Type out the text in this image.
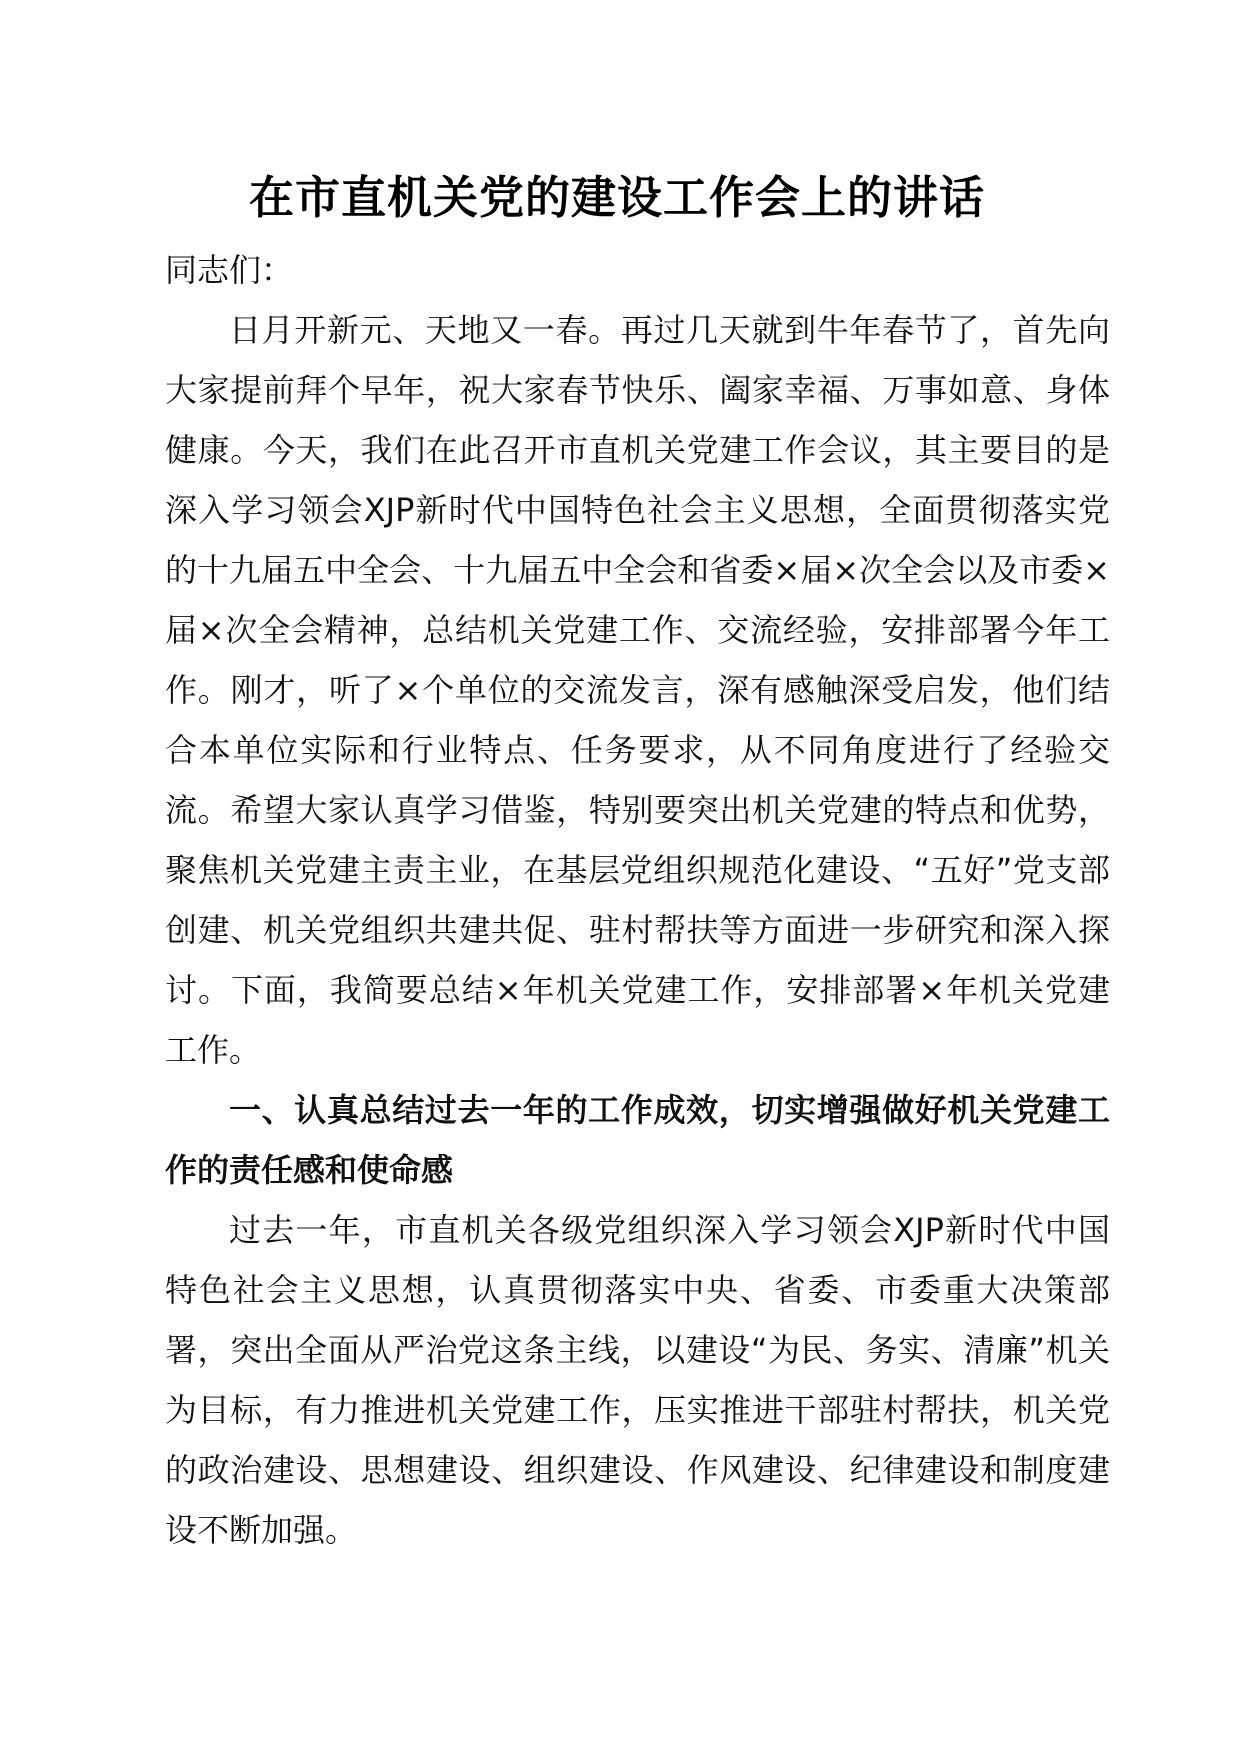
在市直机关党的建设工作会上的讲话

同志们：

日月开新元、天地又一春。再过几天就到牛年春节了，首先向大家提前拜个早年，祝大家春节快乐、阖家幸福、万事如意、身体健康。今天，我们在此召开市直机关党建工作会议，其主要目的是深入学习领会XJP新时代中国特色社会主义思想，全面贯彻落实党的十九届五中全会、十九届五中全会和省委×届×次全会以及市委×届×次全会精神，总结机关党建工作、交流经验，安排部署今年工作。刚才，听了×个单位的交流发言，深有感触深受启发，他们结合本单位实际和行业特点、任务要求，从不同角度进行了经验交流。希望大家认真学习借鉴，特别要突出机关党建的特点和优势，聚焦机关党建主责主业，在基层党组织规范化建设、“五好”党支部创建、机关党组织共建共促、驻村帮扶等方面进一步研究和深入探讨。下面，我简要总结×年机关党建工作，安排部署×年机关党建工作。

一、认真总结过去一年的工作成效，切实增强做好机关党建工作的责任感和使命感

过去一年，市直机关各级党组织深入学习领会XJP新时代中国特色社会主义思想，认真贯彻落实中央、省委、市委重大决策部署，突出全面从严治党这条主线，以建设“为民、务实、清廉”机关为目标，有力推进机关党建工作，压实推进干部驻村帮扶，机关党的政治建设、思想建设、组织建设、作风建设、纪律建设和制度建设不断加强。
